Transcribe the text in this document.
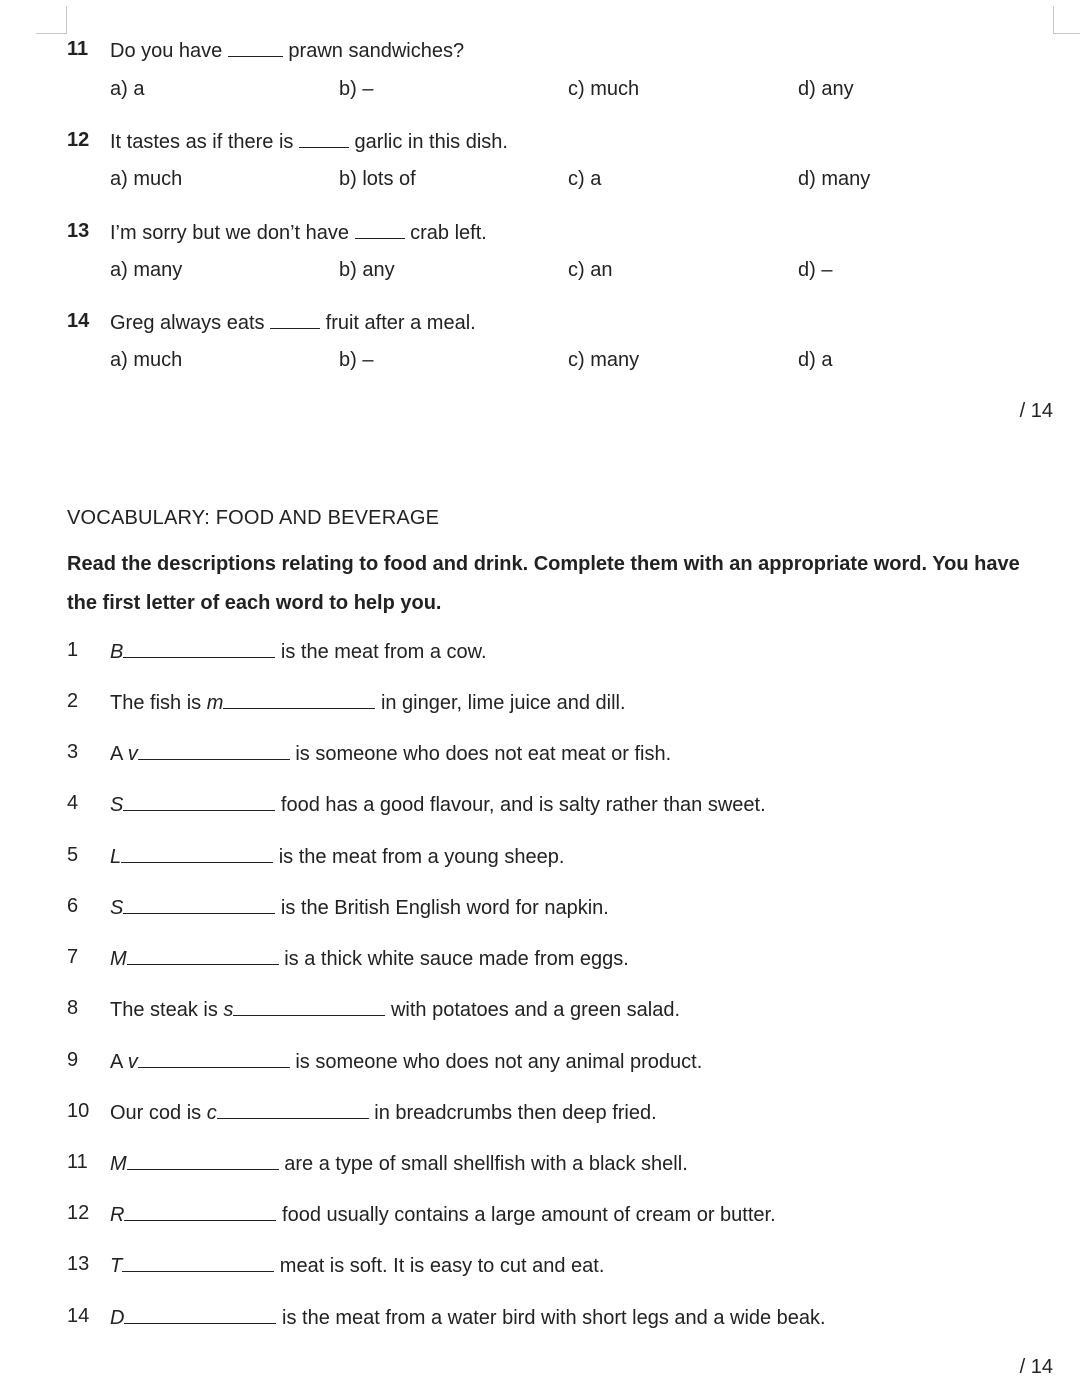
11 Do you have	prawn sandwiches?
a) a	b) –	c) much	d) any
12 It tastes as if there is	garlic in this dish.
a) much	b) lots of	c) a	d) many
13 I’m sorry but we don’t have	crab left.
a) many	b) any	c) an	d) –
14 Greg always eats	fruit after a meal.
a) much	b) –	c) many	d) a
/ 14
VOCABULARY: FOOD AND BEVERAGE
Read the descriptions relating to food and drink. Complete them with an appropriate word. You have the first letter of each word to help you.
1 B	is the meat from a cow.
2 The fish is m	in ginger, lime juice and dill.
3 A v	is someone who does not eat meat or fish.
4 S	food has a good flavour, and is salty rather than sweet.
5 L	is the meat from a young sheep.
6 S	is the British English word for napkin.
7 M	is a thick white sauce made from eggs.
8 The steak is s	with potatoes and a green salad.
9 A v	is someone who does not any animal product.
10 Our cod is c	in breadcrumbs then deep fried.
11 M	are a type of small shellfish with a black shell.
12 R	food usually contains a large amount of cream or butter.
13 T	meat is soft. It is easy to cut and eat.
14 D	is the meat from a water bird with short legs and a wide beak.
/ 14
